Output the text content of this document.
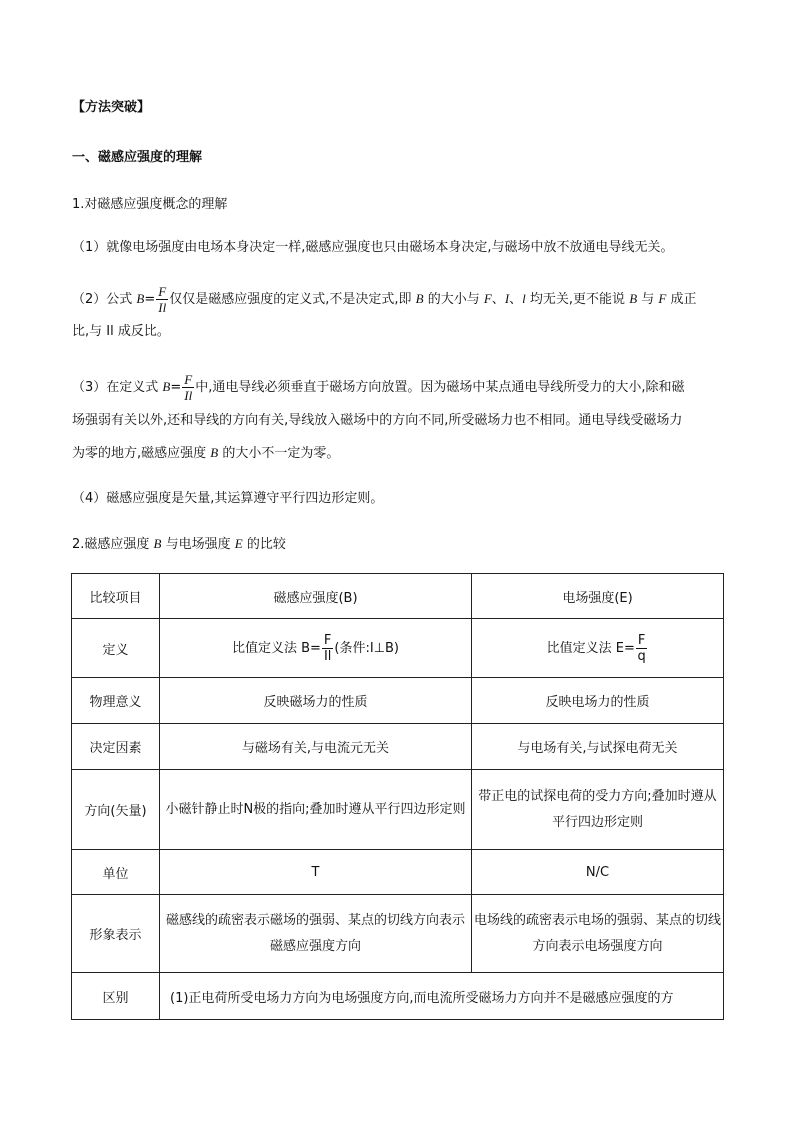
【方法突破】
一、磁感应强度的理解
1.对磁感应强度概念的理解
（1）就像电场强度由电场本身决定一样,磁感应强度也只由磁场本身决定,与磁场中放不放通电导线无关。
（2）公式 $B= \frac{F}{Il}$ 仅仅是磁感应强度的定义式,不是决定式,即 B 的大小与 F、I、l 均无关,更不能说 B 与 F 成正
比,与 Il 成反比。
（3）在定义式 $B= \frac{F}{Il}$ 中,通电导线必须垂直于磁场方向放置。因为磁场中某点通电导线所受力的大小,除和磁
场强弱有关以外,还和导线的方向有关,导线放入磁场中的方向不同,所受磁场力也不相同。通电导线受磁场力
为零的地方,磁感应强度 B 的大小不一定为零。
（4）磁感应强度是矢量,其运算遵守平行四边形定则。
2.磁感应强度 B 与电场强度 E 的比较
比较项目	磁感应强度(B)	电场强度(E)
定义	比值定义法 $B= \frac{F}{Il}$ (条件:I⊥B)	比值定义法 $E= \frac{F}{q}$

物理意义	反映磁场力的性质	反映电场力的性质
决定因素	与磁场有关,与电流元无关	与电场有关,与试探电荷无关
方向(矢量)	小磁针静止时N极的指向;叠加时遵从平行四边形定则	带正电的试探电荷的受力方向;叠加时遵从平行四边形定则
单位	T	N/C
形象表示	磁感线的疏密表示磁场的强弱、某点的切线方向表示磁感应强度方向	电场线的疏密表示电场的强弱、某点的切线方向表示电场强度方向
区别	(1)正电荷所受电场力方向为电场强度方向,而电流所受磁场力方向并不是磁感应强度的方	
